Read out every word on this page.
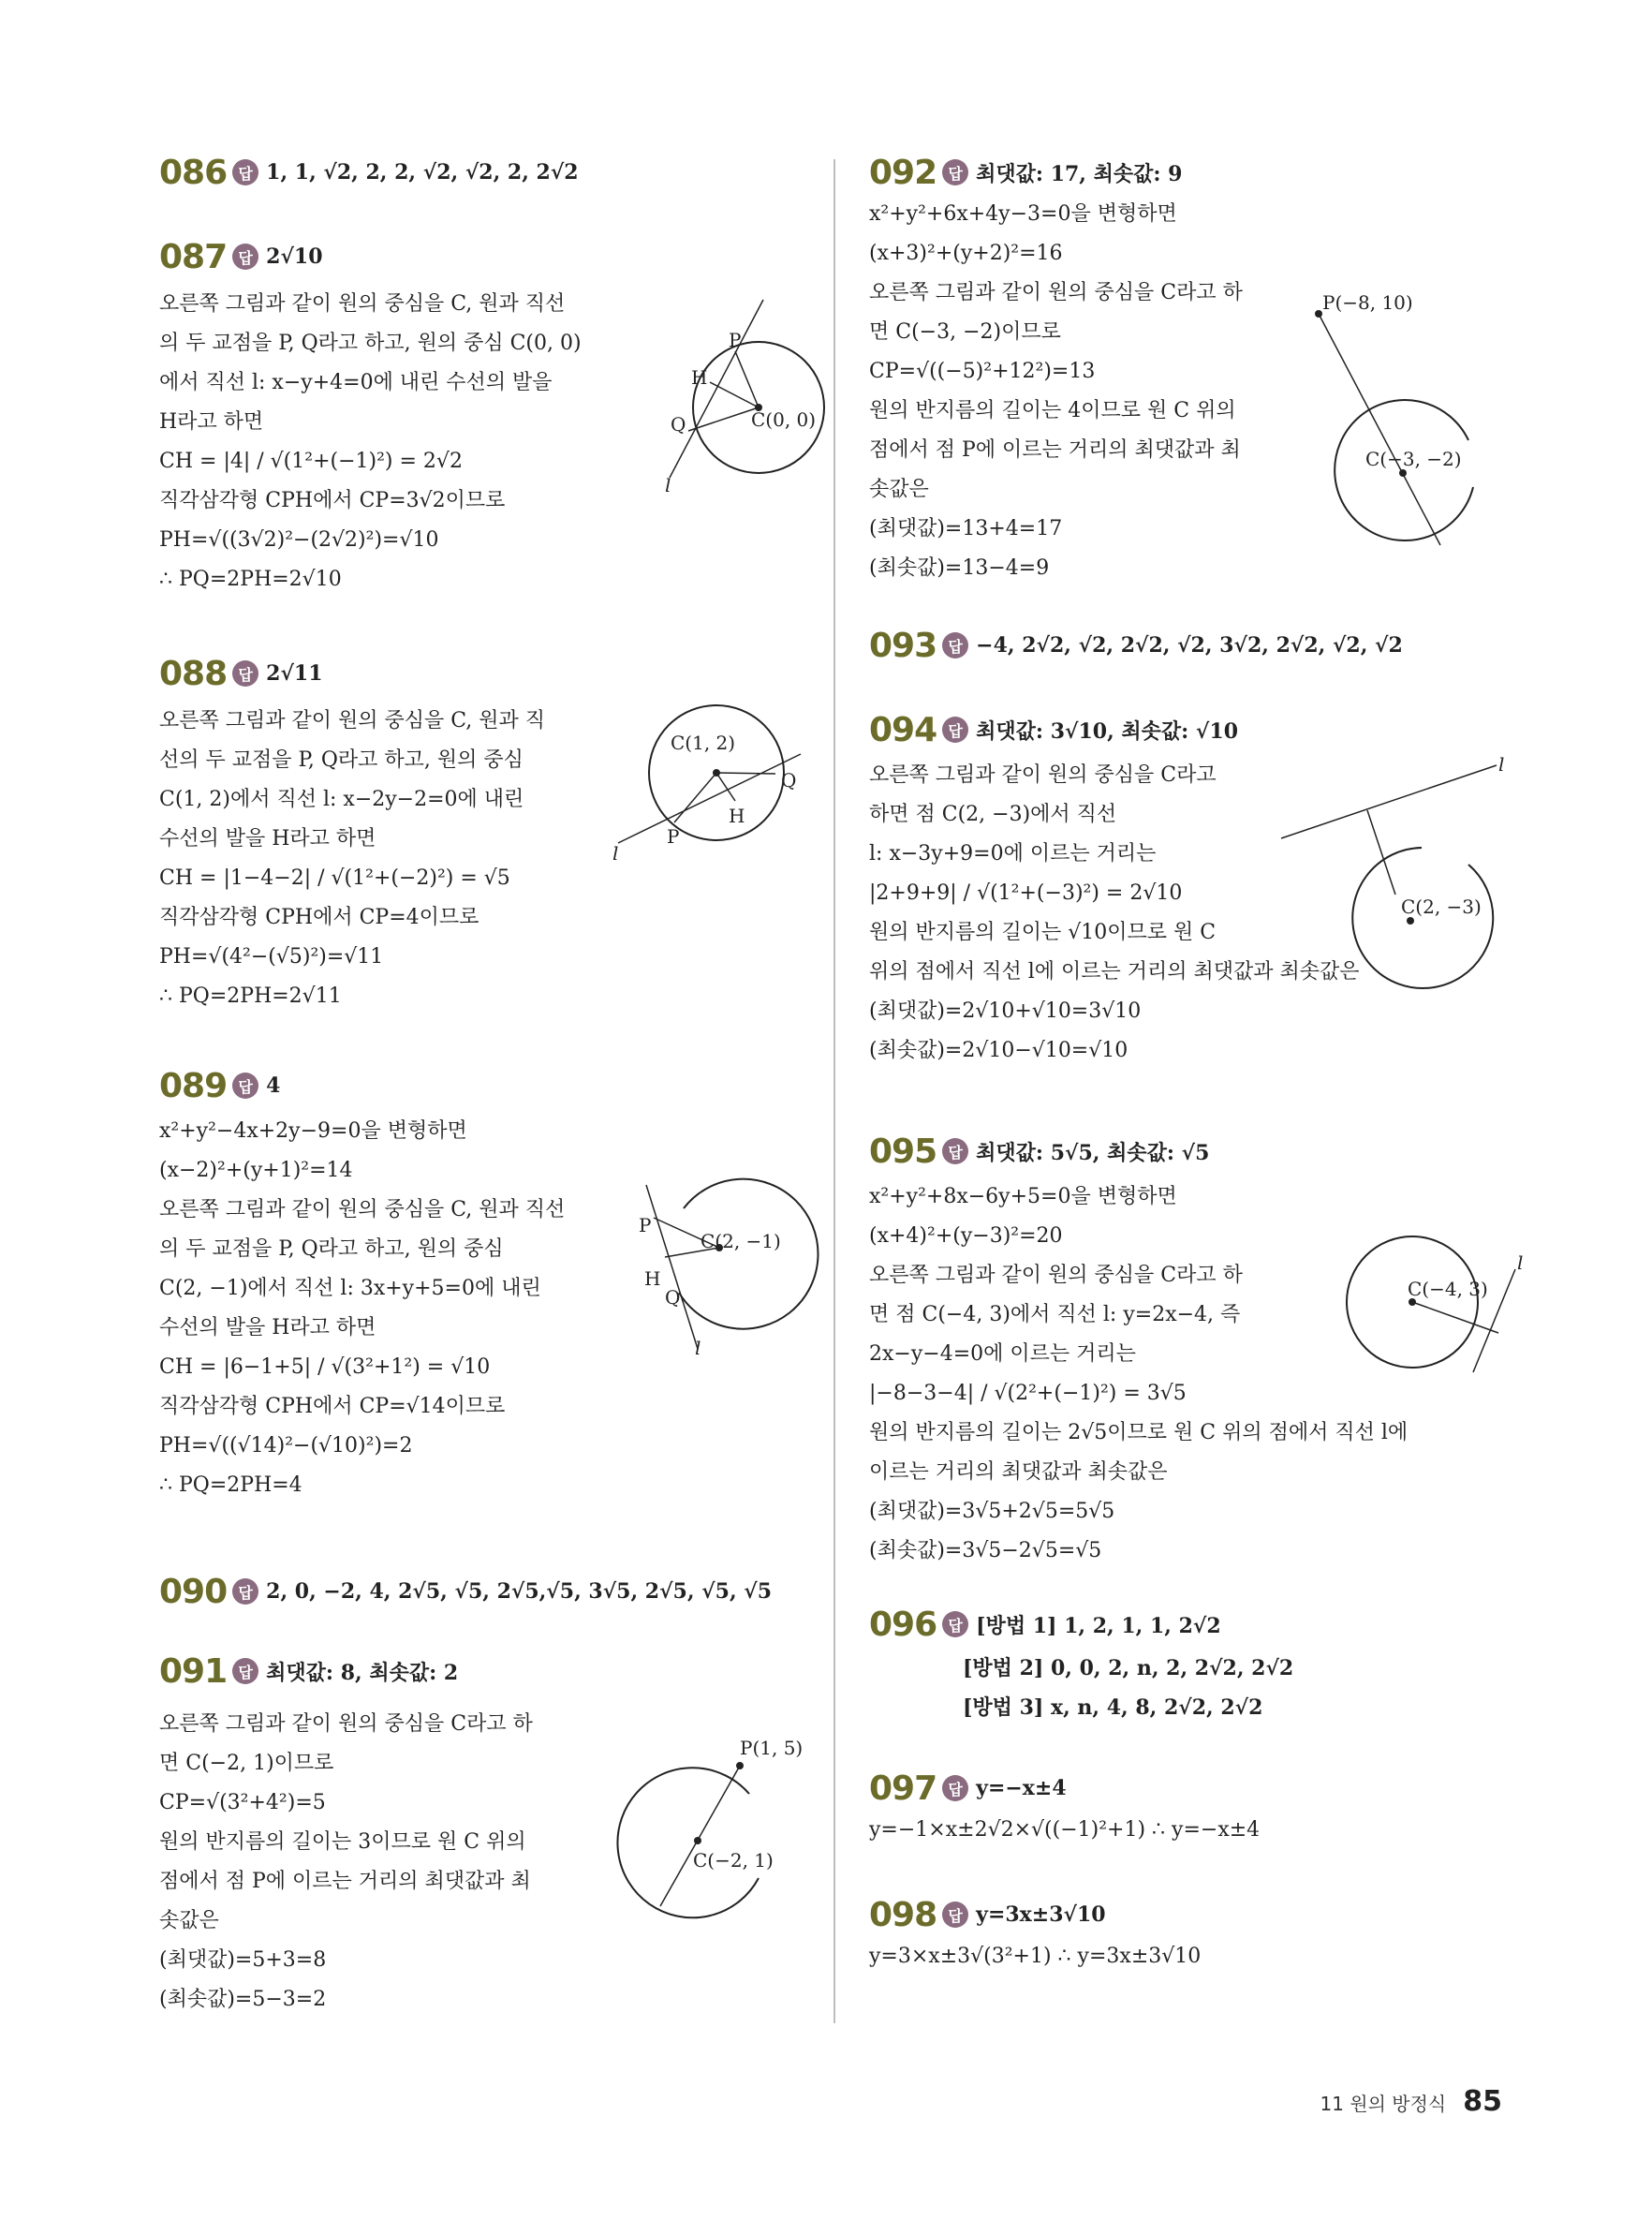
086 답 1, 1, √2, 2, 2, √2, √2, 2, 2√2
087 답 2√10
오른쪽 그림과 같이 원의 중심을 C, 원과 직선
의 두 교점을 P, Q라고 하고, 원의 중심 C(0, 0)
에서 직선 l: x−y+4=0에 내린 수선의 발을
H라고 하면
CH = |4| / √(1²+(−1)²) = 2√2
직각삼각형 CPH에서 CP=3√2이므로
PH=√((3√2)²−(2√2)²)=√10
∴ PQ=2PH=2√10
P
H
Q	C(0, 0)
l
088 답 2√11
오른쪽 그림과 같이 원의 중심을 C, 원과 직
선의 두 교점을 P, Q라고 하고, 원의 중심
C(1, 2)에서 직선 l: x−2y−2=0에 내린
수선의 발을 H라고 하면
CH = |1−4−2| / √(1²+(−2)²) = √5
직각삼각형 CPH에서 CP=4이므로
PH=√(4²−(√5)²)=√11
∴ PQ=2PH=2√11
C(1, 2)
Q
H
P
l
089 답 4
x²+y²−4x+2y−9=0을 변형하면
(x−2)²+(y+1)²=14
오른쪽 그림과 같이 원의 중심을 C, 원과 직선
의 두 교점을 P, Q라고 하고, 원의 중심
C(2, −1)에서 직선 l: 3x+y+5=0에 내린
수선의 발을 H라고 하면
CH = |6−1+5| / √(3²+1²) = √10
직각삼각형 CPH에서 CP=√14이므로
PH=√((√14)²−(√10)²)=2
∴ PQ=2PH=4
P
C(2, −1)
H
Q
l
090 답 2, 0, −2, 4, 2√5, √5, 2√5,√5, 3√5, 2√5, √5, √5
091 답 최댓값: 8, 최솟값: 2
오른쪽 그림과 같이 원의 중심을 C라고 하
면 C(−2, 1)이므로
CP=√(3²+4²)=5
원의 반지름의 길이는 3이므로 원 C 위의
점에서 점 P에 이르는 거리의 최댓값과 최
솟값은
(최댓값)=5+3=8
(최솟값)=5−3=2
P(1, 5)
C(−2, 1)
092 답 최댓값: 17, 최솟값: 9
x²+y²+6x+4y−3=0을 변형하면
(x+3)²+(y+2)²=16
오른쪽 그림과 같이 원의 중심을 C라고 하
면 C(−3, −2)이므로
CP=√((−5)²+12²)=13
원의 반지름의 길이는 4이므로 원 C 위의
점에서 점 P에 이르는 거리의 최댓값과 최
솟값은
(최댓값)=13+4=17
(최솟값)=13−4=9
P(−8, 10)
C(−3, −2)
093 답 −4, 2√2, √2, 2√2, √2, 3√2, 2√2, √2, √2
094 답 최댓값: 3√10, 최솟값: √10
오른쪽 그림과 같이 원의 중심을 C라고
하면 점 C(2, −3)에서 직선
l: x−3y+9=0에 이르는 거리는
|2+9+9| / √(1²+(−3)²) = 2√10
원의 반지름의 길이는 √10이므로 원 C
위의 점에서 직선 l에 이르는 거리의 최댓값과 최솟값은
(최댓값)=2√10+√10=3√10
(최솟값)=2√10−√10=√10
l
C(2, −3)
095 답 최댓값: 5√5, 최솟값: √5
x²+y²+8x−6y+5=0을 변형하면
(x+4)²+(y−3)²=20
오른쪽 그림과 같이 원의 중심을 C라고 하
면 점 C(−4, 3)에서 직선 l: y=2x−4, 즉
2x−y−4=0에 이르는 거리는
|−8−3−4| / √(2²+(−1)²) = 3√5
원의 반지름의 길이는 2√5이므로 원 C 위의 점에서 직선 l에
이르는 거리의 최댓값과 최솟값은
(최댓값)=3√5+2√5=5√5
(최솟값)=3√5−2√5=√5
C(−4, 3)
l
096 답 [방법 1] 1, 2, 1, 1, 2√2
[방법 2] 0, 0, 2, n, 2, 2√2, 2√2
[방법 3] x, n, 4, 8, 2√2, 2√2
097 답 y=−x±4
y=−1×x±2√2×√((−1)²+1) ∴ y=−x±4
098 답 y=3x±3√10
y=3×x±3√(3²+1) ∴ y=3x±3√10
11 원의 방정식 85
